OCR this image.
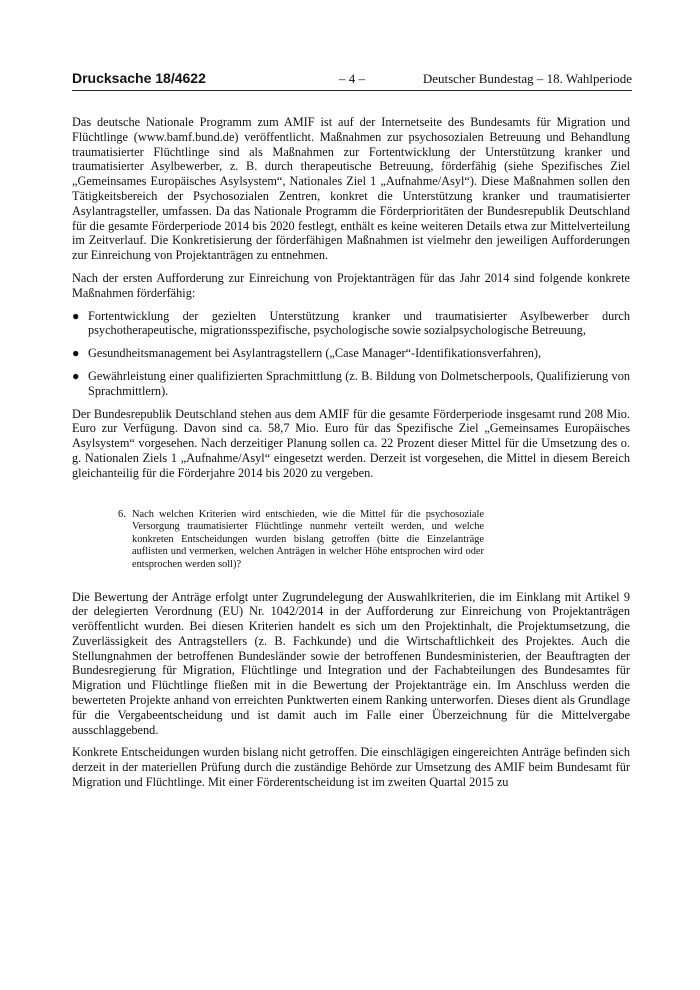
Drucksache 18/4622	– 4 –	Deutscher Bundestag – 18. Wahlperiode

Das deutsche Nationale Programm zum AMIF ist auf der Internetseite des Bundesamts für Migration und Flüchtlinge (www.bamf.bund.de) veröffentlicht. Maßnahmen zur psychosozialen Betreuung und Behandlung traumatisierter Flüchtlinge sind als Maßnahmen zur Fortentwicklung der Unterstützung kranker und traumatisierter Asylbewerber, z. B. durch therapeutische Betreuung, förderfähig (siehe Spezifisches Ziel „Gemeinsames Europäisches Asylsystem“, Nationales Ziel 1 „Aufnahme/Asyl“). Diese Maßnahmen sollen den Tätigkeitsbereich der Psychosozialen Zentren, konkret die Unterstützung kranker und traumatisierter Asylantragsteller, umfassen. Da das Nationale Programm die Förderprioritäten der Bundesrepublik Deutschland für die gesamte Förderperiode 2014 bis 2020 festlegt, enthält es keine weiteren Details etwa zur Mittelverteilung im Zeitverlauf. Die Konkretisierung der förderfähigen Maßnahmen ist vielmehr den jeweiligen Aufforderungen zur Einreichung von Projektanträgen zu entnehmen.

Nach der ersten Aufforderung zur Einreichung von Projektanträgen für das Jahr 2014 sind folgende konkrete Maßnahmen förderfähig:

● Fortentwicklung der gezielten Unterstützung kranker und traumatisierter Asylbewerber durch psychotherapeutische, migrationsspezifische, psychologische sowie sozialpsychologische Betreuung,
● Gesundheitsmanagement bei Asylantragstellern („Case Manager“-Identifikationsverfahren),
● Gewährleistung einer qualifizierten Sprachmittlung (z. B. Bildung von Dolmetscherpools, Qualifizierung von Sprachmittlern).

Der Bundesrepublik Deutschland stehen aus dem AMIF für die gesamte Förderperiode insgesamt rund 208 Mio. Euro zur Verfügung. Davon sind ca. 58,7 Mio. Euro für das Spezifische Ziel „Gemeinsames Europäisches Asylsystem“ vorgesehen. Nach derzeitiger Planung sollen ca. 22 Prozent dieser Mittel für die Umsetzung des o. g. Nationalen Ziels 1 „Aufnahme/Asyl“ eingesetzt werden. Derzeit ist vorgesehen, die Mittel in diesem Bereich gleichanteilig für die Förderjahre 2014 bis 2020 zu vergeben.

6. Nach welchen Kriterien wird entschieden, wie die Mittel für die psychosoziale Versorgung traumatisierter Flüchtlinge nunmehr verteilt werden, und welche konkreten Entscheidungen wurden bislang getroffen (bitte die Einzelanträge auflisten und vermerken, welchen Anträgen in welcher Höhe entsprochen wird oder entsprochen werden soll)?

Die Bewertung der Anträge erfolgt unter Zugrundelegung der Auswahlkriterien, die im Einklang mit Artikel 9 der delegierten Verordnung (EU) Nr. 1042/2014 in der Aufforderung zur Einreichung von Projektanträgen veröffentlicht wurden. Bei diesen Kriterien handelt es sich um den Projektinhalt, die Projektumsetzung, die Zuverlässigkeit des Antragstellers (z. B. Fachkunde) und die Wirtschaftlichkeit des Projektes. Auch die Stellungnahmen der betroffenen Bundesländer sowie der betroffenen Bundesministerien, der Beauftragten der Bundesregierung für Migration, Flüchtlinge und Integration und der Fachabteilungen des Bundesamtes für Migration und Flüchtlinge fließen mit in die Bewertung der Projektanträge ein. Im Anschluss werden die bewerteten Projekte anhand von erreichten Punktwerten einem Ranking unterworfen. Dieses dient als Grundlage für die Vergabeentscheidung und ist damit auch im Falle einer Überzeichnung für die Mittelvergabe ausschlaggebend.

Konkrete Entscheidungen wurden bislang nicht getroffen. Die einschlägigen eingereichten Anträge befinden sich derzeit in der materiellen Prüfung durch die zuständige Behörde zur Umsetzung des AMIF beim Bundesamt für Migration und Flüchtlinge. Mit einer Förderentscheidung ist im zweiten Quartal 2015 zu
